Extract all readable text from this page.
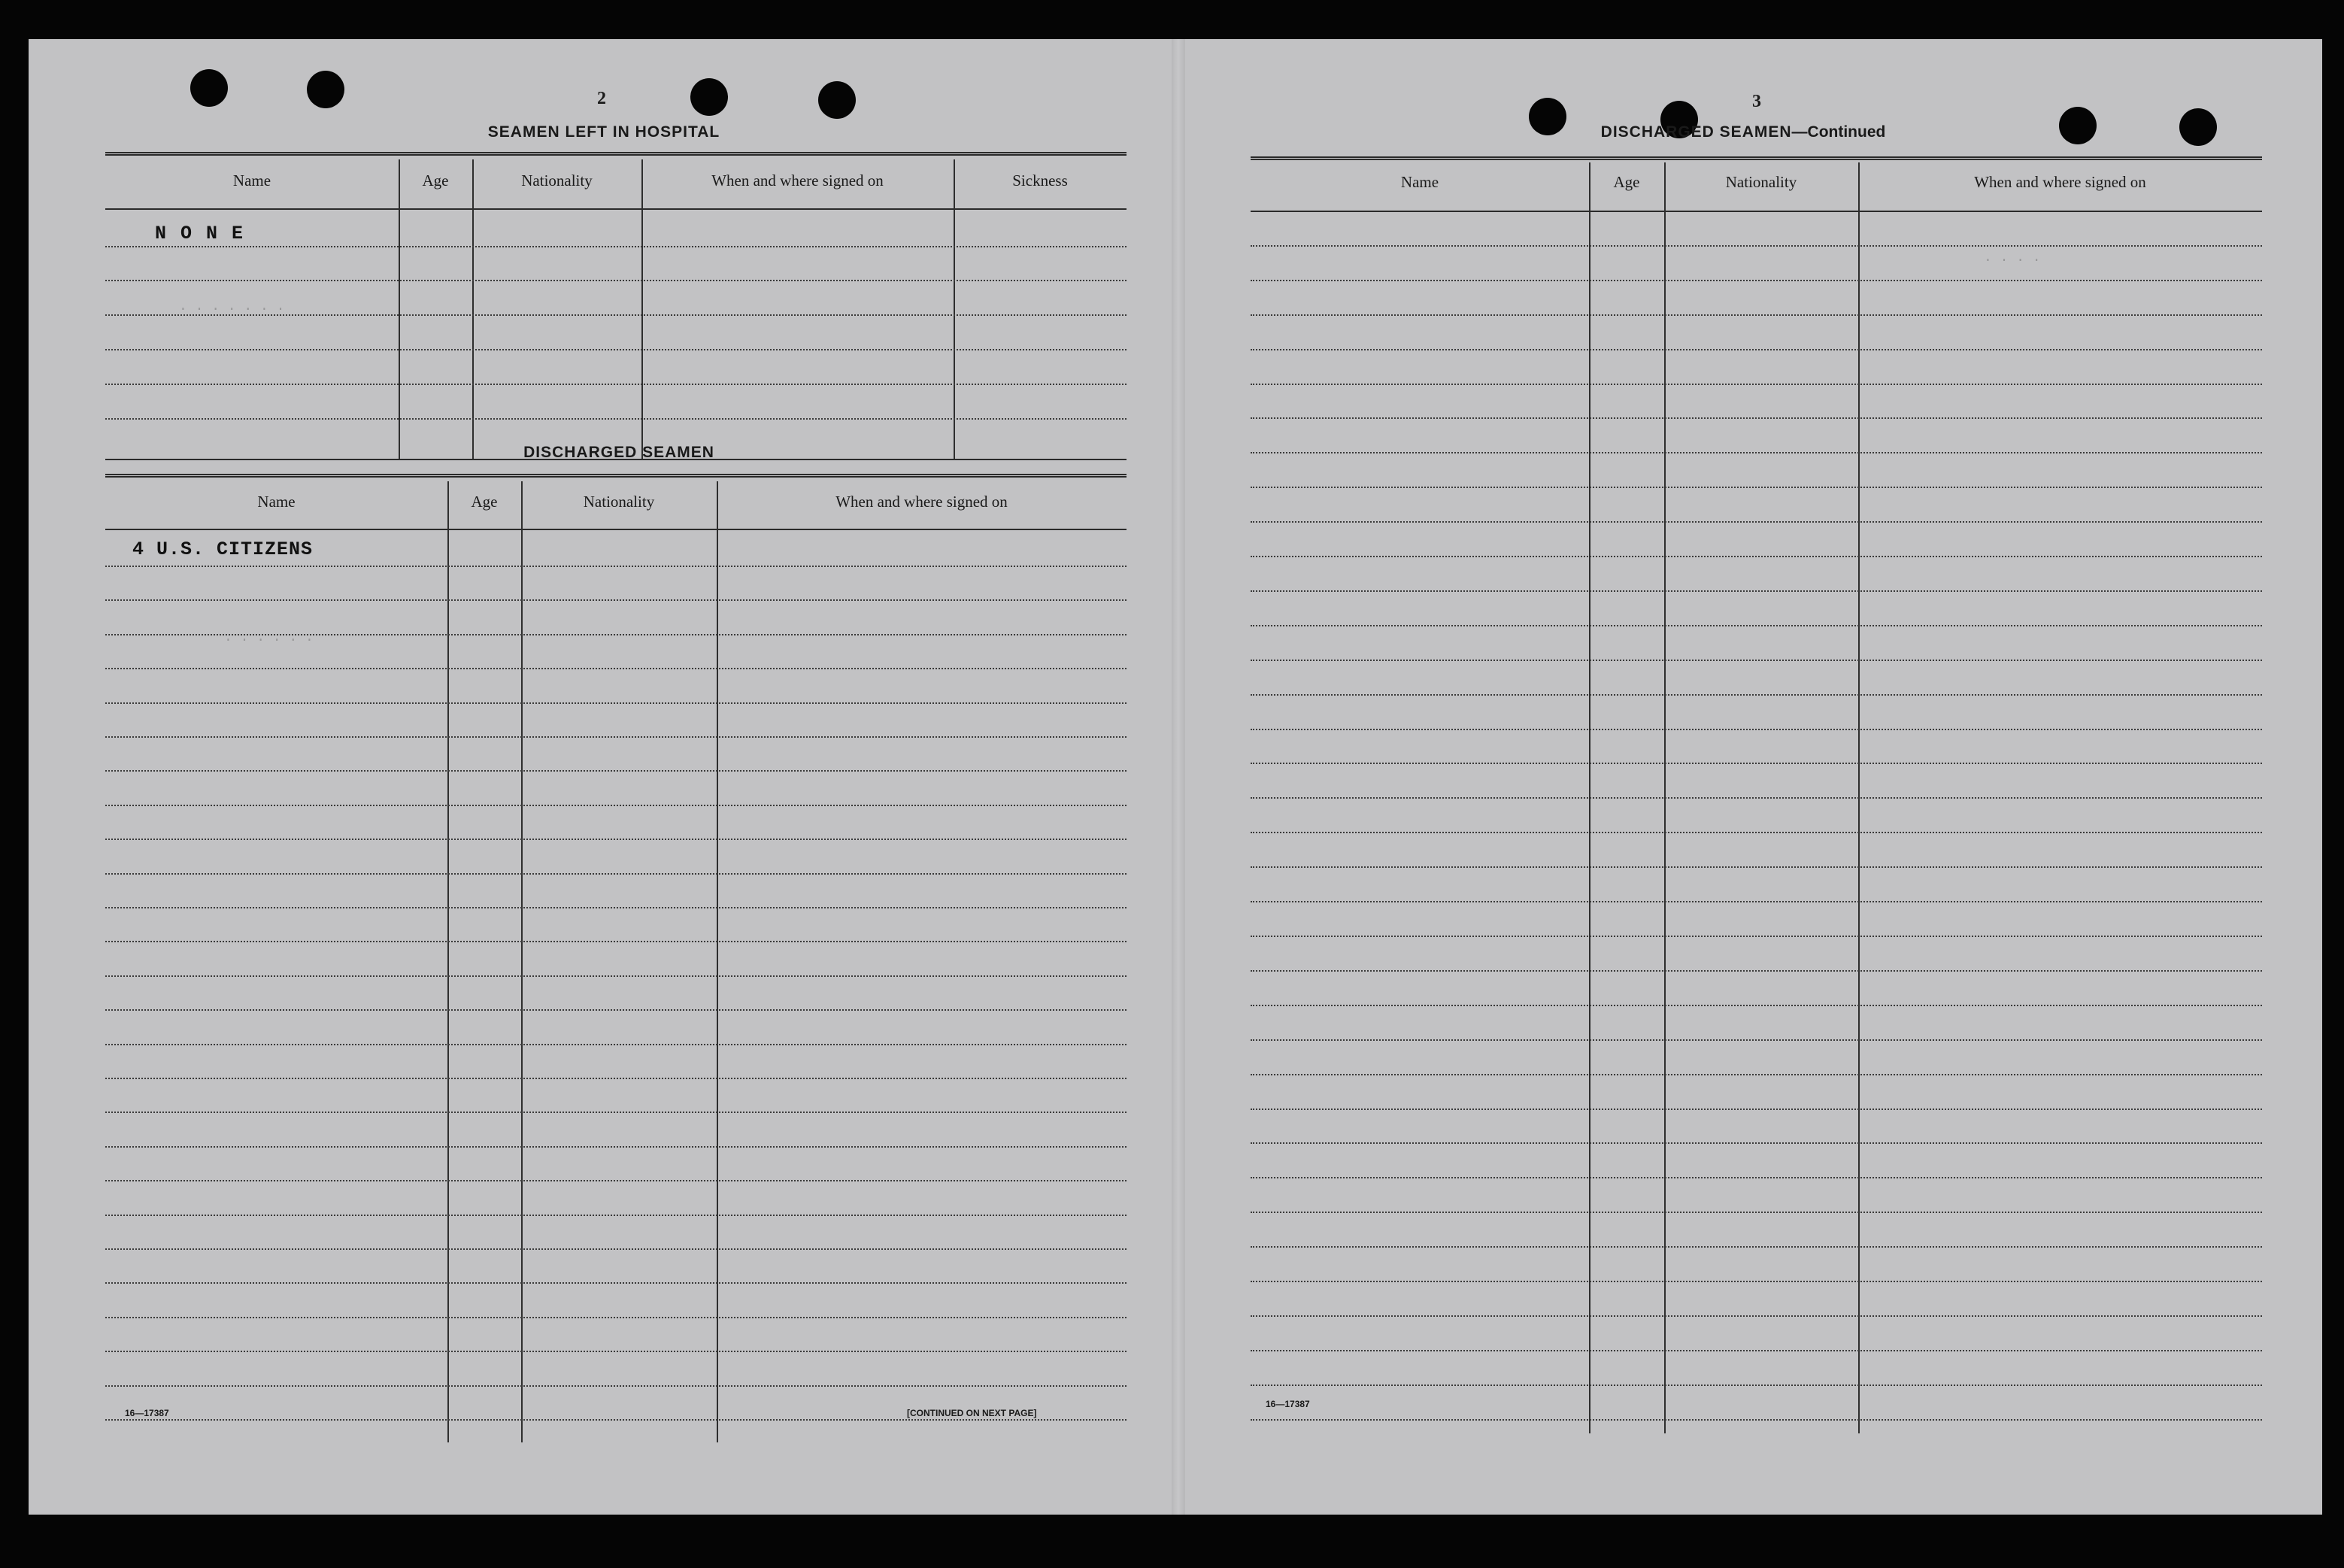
· · · · · · ·
· · · · · ·
· · · ·
2
SEAMEN LEFT IN HOSPITAL
Name	Age	Nationality	When and where signed on	Sickness
N O N E
DISCHARGED SEAMEN
Name	Age	Nationality	When and where signed on
4 U.S. CITIZENS
16—17387	[CONTINUED ON NEXT PAGE]
3
DISCHARGED SEAMEN—Continued
Name	Age	Nationality	When and where signed on
16—17387
